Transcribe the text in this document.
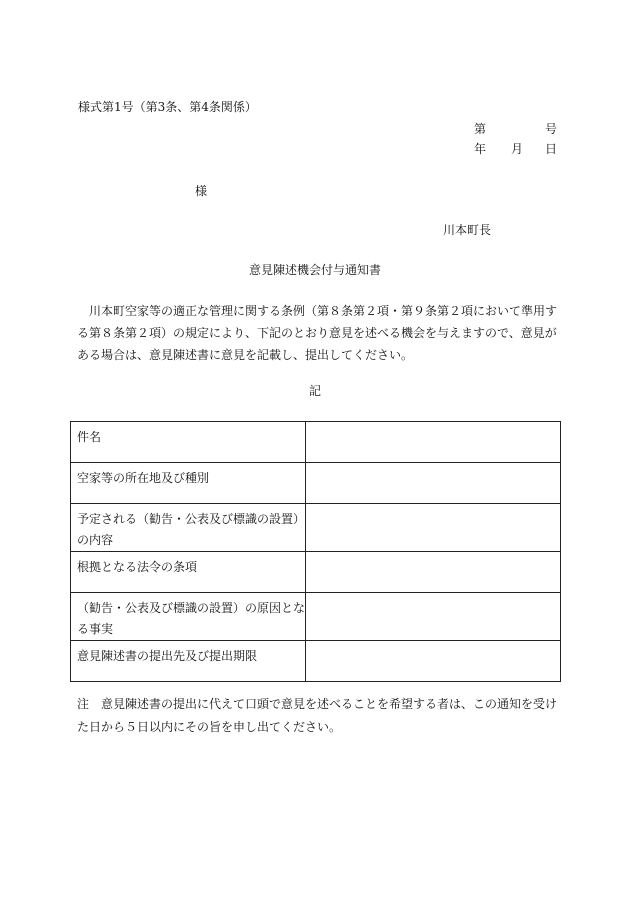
様式第1号（第3条、第4条関係）
第	号
年 月 日
様
川本町長
意見陳述機会付与通知書
川本町空家等の適正な管理に関する条例（第８条第２項・第９条第２項において準用する第８条第２項）の規定により、下記のとおり意見を述べる機会を与えますので、意見がある場合は、意見陳述書に意見を記載し、提出してください。
記
件名	
空家等の所在地及び種別	
予定される（勧告・公表及び標識の設置）の内容	
根拠となる法令の条項	
（勧告・公表及び標識の設置）の原因となる事実	
意見陳述書の提出先及び提出期限	
注　意見陳述書の提出に代えて口頭で意見を述べることを希望する者は、この通知を受けた日から５日以内にその旨を申し出てください。
